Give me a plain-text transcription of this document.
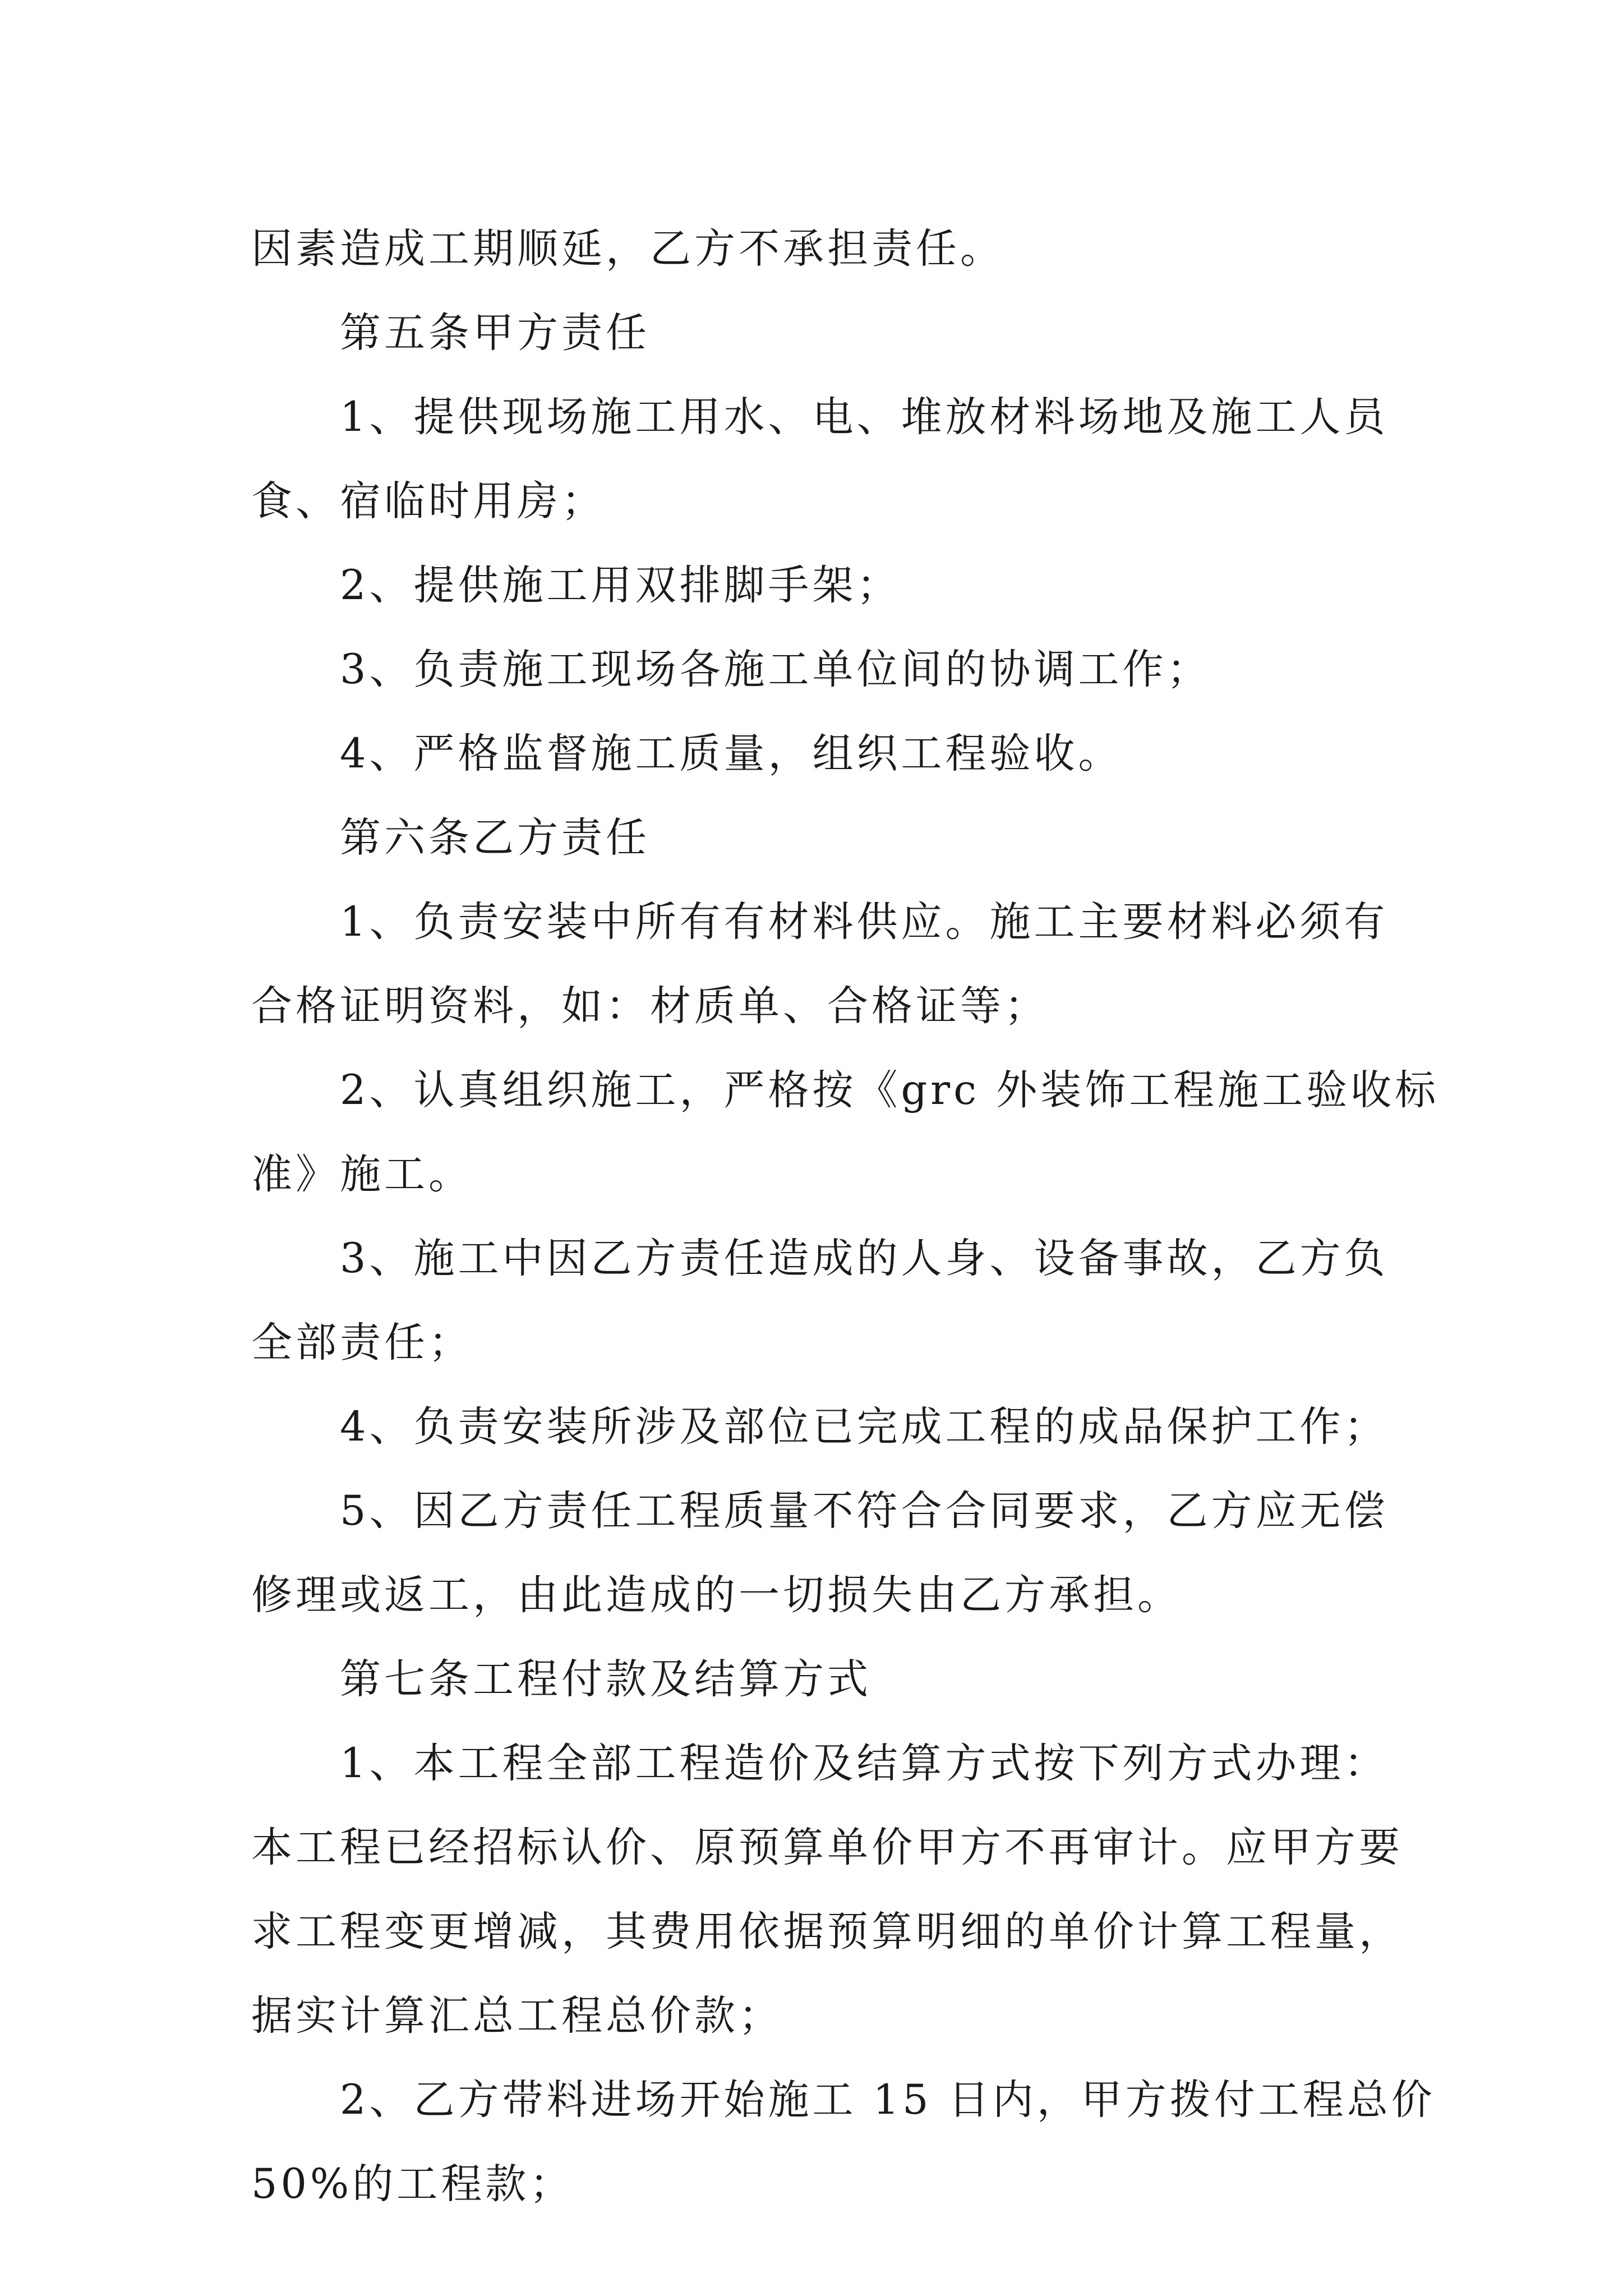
因素造成工期顺延，乙方不承担责任。
第五条甲方责任
1、提供现场施工用水、电、堆放材料场地及施工人员
食、宿临时用房；
2、提供施工用双排脚手架；
3、负责施工现场各施工单位间的协调工作；
4、严格监督施工质量，组织工程验收。
第六条乙方责任
1、负责安装中所有有材料供应。施工主要材料必须有
合格证明资料，如：材质单、合格证等；
2、认真组织施工，严格按《grc 外装饰工程施工验收标
准》施工。
3、施工中因乙方责任造成的人身、设备事故，乙方负
全部责任；
4、负责安装所涉及部位已完成工程的成品保护工作；
5、因乙方责任工程质量不符合合同要求，乙方应无偿
修理或返工，由此造成的一切损失由乙方承担。
第七条工程付款及结算方式
1、本工程全部工程造价及结算方式按下列方式办理：
本工程已经招标认价、原预算单价甲方不再审计。应甲方要
求工程变更增减，其费用依据预算明细的单价计算工程量，
据实计算汇总工程总价款；
2、乙方带料进场开始施工 15 日内，甲方拨付工程总价
50%的工程款；
